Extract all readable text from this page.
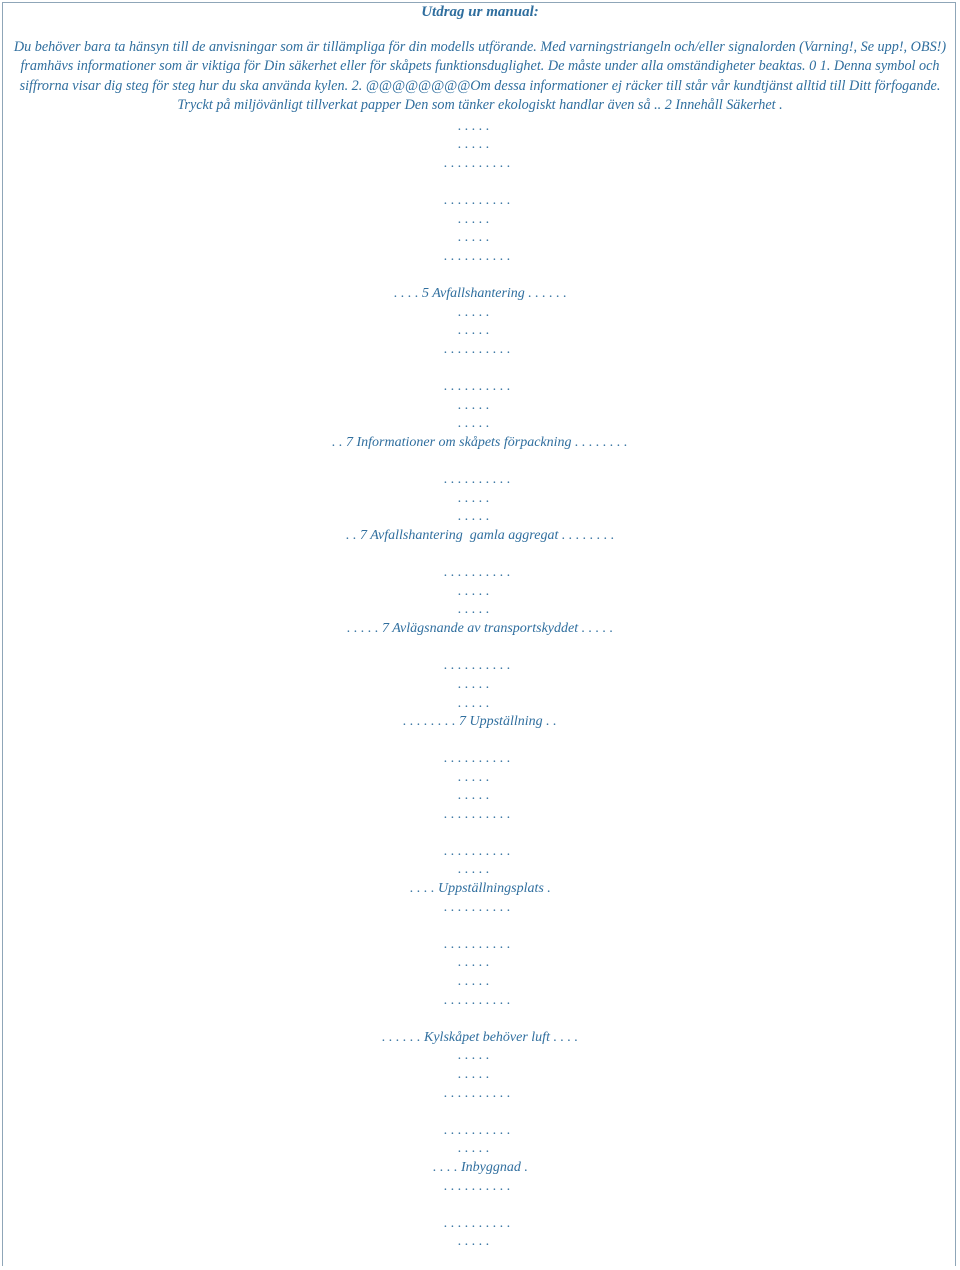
Utdrag ur manual:
Du behöver bara ta hänsyn till de anvisningar som är tillämpliga för din modells utförande. Med varningstriangeln och/eller signalorden (Varning!, Se upp!, OBS!) framhävs informationer som är viktiga för Din säkerhet eller för skåpets funktionsduglighet. De måste under alla omständigheter beaktas. 0 1. Denna symbol och siffrorna visar dig steg för steg hur du ska använda kylen. 2. @@@@@@@@Om dessa informationer ej räcker till står vår kundtjänst alltid till Ditt förfogande. Tryckt på miljövänligt tillverkat papper Den som tänker ekologiskt handlar även så .. 2 Innehåll Säkerhet .
. . . . .
. . . . .
. . . . . . . . . .
. . . . . . . . . .
. . . . .
. . . . .
. . . . . . . . . .
. . . . 5 Avfallshantering . . . . . .
. . . . .
. . . . .
. . . . . . . . . .
. . . . . . . . . .
. . . . .
. . . . .
. . 7 Informationer om skåpets förpackning . . . . . . . .
. . . . . . . . . .
. . . . .
. . . . .
. . 7 Avfallshantering  gamla aggregat . . . . . . . .
. . . . . . . . . .
. . . . .
. . . . .
. . . . . 7 Avlägsnande av transportskyddet . . . . .
. . . . . . . . . .
. . . . .
. . . . .
. . . . . . . . 7 Uppställning . .
. . . . . . . . . .
. . . . .
. . . . .
. . . . . . . . . .
. . . . . . . . . .
. . . . .
. . . . Uppställningsplats .
. . . . . . . . . .
. . . . . . . . . .
. . . . .
. . . . .
. . . . . . . . . .
. . . . . . Kylskåpet behöver luft . . . .
. . . . .
. . . . .
. . . . . . . . . .
. . . . . . . . . .
. . . . .
. . . . Inbyggnad .
. . . . . . . . . .
. . . . . . . . . .
. . . . .
